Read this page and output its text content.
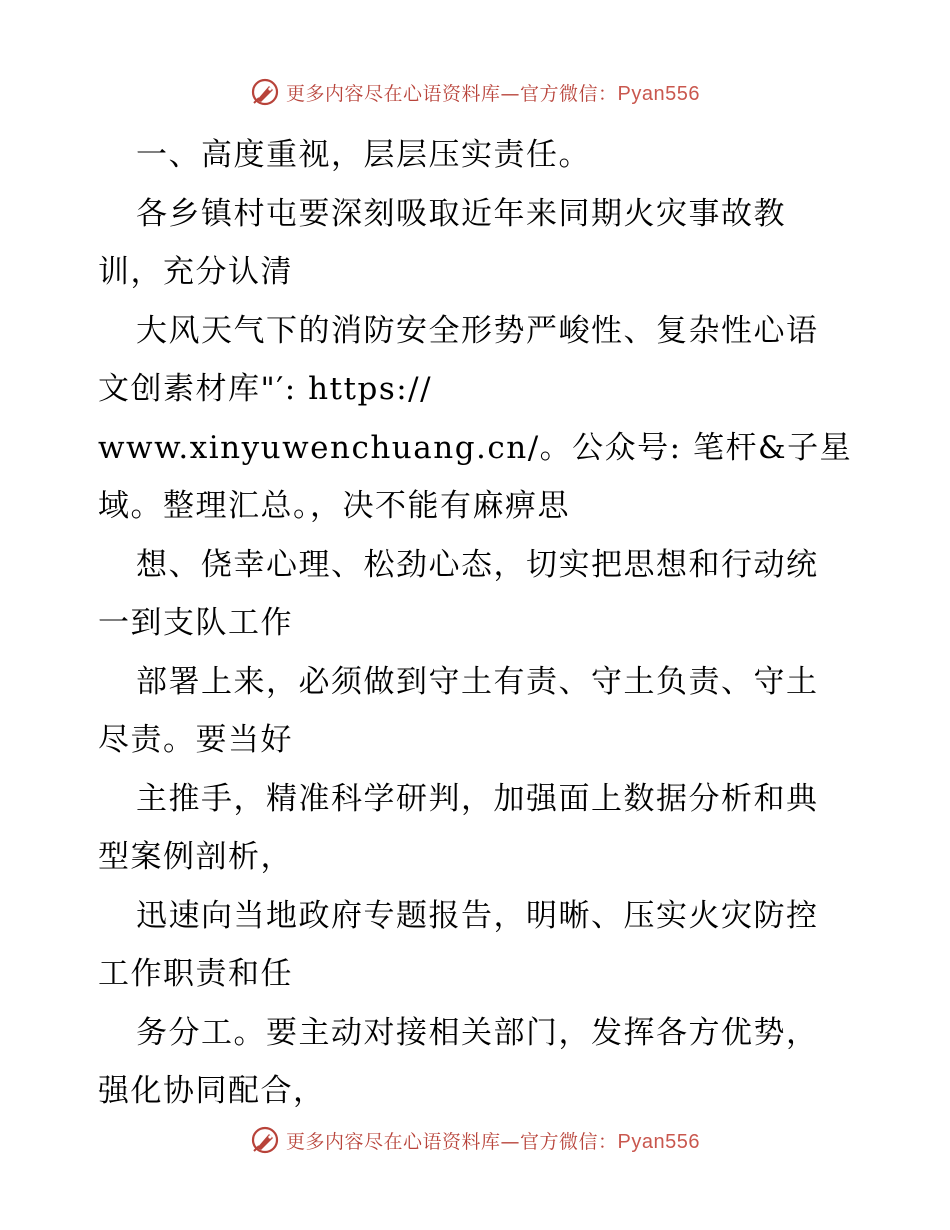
更多内容尽在心语资料库—官方微信：Pyan556
一、高度重视，层层压实责任。
各乡镇村屯要深刻吸取近年来同期火灾事故教
训，充分认清
大风天气下的消防安全形势严峻性、复杂性心语
文创素材库"′: https://
www.xinyuwenchuang.cn/。公众号: 笔杆&子星
域。整理汇总。，决不能有麻痹思
想、侥幸心理、松劲心态，切实把思想和行动统
一到支队工作
部署上来，必须做到守土有责、守土负责、守土
尽责。要当好
主推手，精准科学研判，加强面上数据分析和典
型案例剖析，
迅速向当地政府专题报告，明晰、压实火灾防控
工作职责和任
务分工。要主动对接相关部门，发挥各方优势，
强化协同配合，
更多内容尽在心语资料库—官方微信：Pyan556
